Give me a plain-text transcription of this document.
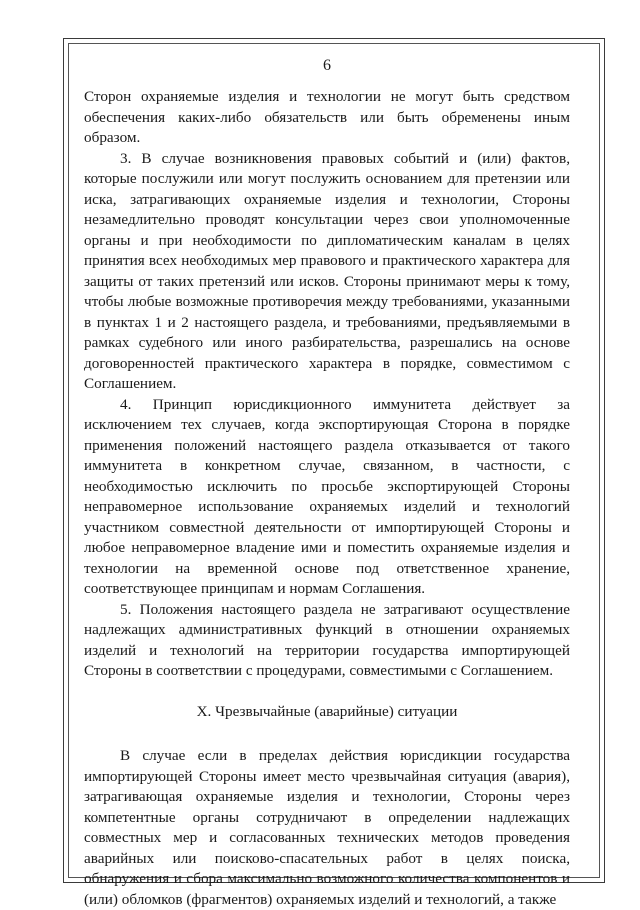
6

Сторон охраняемые изделия и технологии не могут быть средством обеспечения каких-либо обязательств или быть обременены иным образом.

3. В случае возникновения правовых событий и (или) фактов, которые послужили или могут послужить основанием для претензии или иска, затрагивающих охраняемые изделия и технологии, Стороны незамедлительно проводят консультации через свои уполномоченные органы и при необходимости по дипломатическим каналам в целях принятия всех необходимых мер правового и практического характера для защиты от таких претензий или исков. Стороны принимают меры к тому, чтобы любые возможные противоречия между требованиями, указанными в пунктах 1 и 2 настоящего раздела, и требованиями, предъявляемыми в рамках судебного или иного разбирательства, разрешались на основе договоренностей практического характера в порядке, совместимом с Соглашением.

4. Принцип юрисдикционного иммунитета действует за исключением тех случаев, когда экспортирующая Сторона в порядке применения положений настоящего раздела отказывается от такого иммунитета в конкретном случае, связанном, в частности, с необходимостью исключить по просьбе экспортирующей Стороны неправомерное использование охраняемых изделий и технологий участником совместной деятельности от импортирующей Стороны и любое неправомерное владение ими и поместить охраняемые изделия и технологии на временной основе под ответственное хранение, соответствующее принципам и нормам Соглашения.

5. Положения настоящего раздела не затрагивают осуществление надлежащих административных функций в отношении охраняемых изделий и технологий на территории государства импортирующей Стороны в соответствии с процедурами, совместимыми с Соглашением.

X. Чрезвычайные (аварийные) ситуации

В случае если в пределах действия юрисдикции государства импортирующей Стороны имеет место чрезвычайная ситуация (авария), затрагивающая охраняемые изделия и технологии, Стороны через компетентные органы сотрудничают в определении надлежащих совместных мер и согласованных технических методов проведения аварийных или поисково-спасательных работ в целях поиска, обнаружения и сбора максимально возможного количества компонентов и (или) обломков (фрагментов) охраняемых изделий и технологий, а также
